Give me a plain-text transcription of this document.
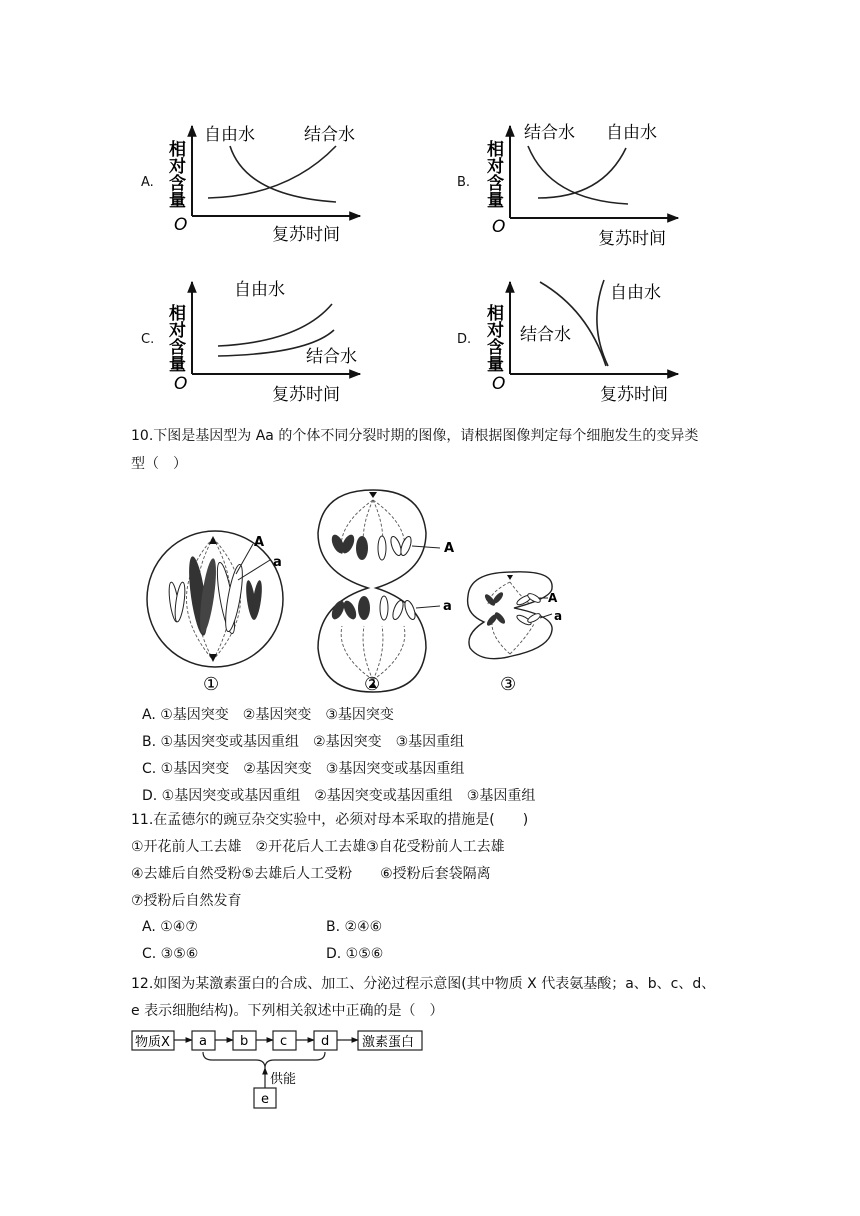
A.	B.
C.	D.
相对含量
O	复苏时间
自由水	结合水
相对含量
O
复苏时间
结合水 自由水
相对含量
O
复苏时间
自由水
结合水	相对含量
O
复苏时间
自由水
结合水
10.下图是基因型为 Aa 的个体不同分裂时期的图像，请根据图像判定每个细胞发生的变异类
型（　）
A
a
①
A
a
②
A
a
③
A. ①基因突变　②基因突变　③基因突变
B. ①基因突变或基因重组　②基因突变　③基因重组
C. ①基因突变　②基因突变　③基因突变或基因重组
D. ①基因突变或基因重组　②基因突变或基因重组　③基因重组
11.在孟德尔的豌豆杂交实验中，必须对母本采取的措施是(　　)
①开花前人工去雄　②开花后人工去雄③自花受粉前人工去雄
④去雄后自然受粉⑤去雄后人工受粉　　⑥授粉后套袋隔离
⑦授粉后自然发育
A. ①④⑦	B. ②④⑥
C. ③⑤⑥	D. ①⑤⑥
12.如图为某激素蛋白的合成、加工、分泌过程示意图(其中物质 X 代表氨基酸；a、b、c、d、
e 表示细胞结构)。下列相关叙述中正确的是（　）
物质X a	b c	d	激素蛋白
供能
e
